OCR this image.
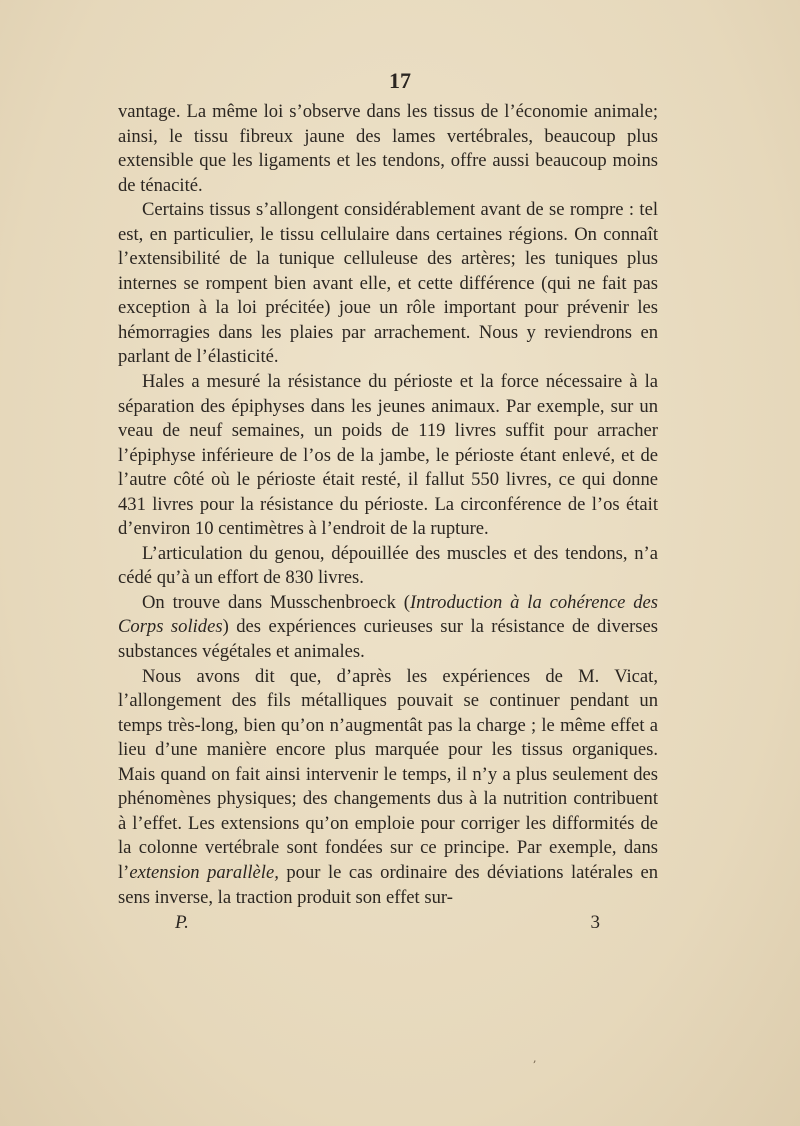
17

vantage. La même loi s’observe dans les tissus de l’économie animale; ainsi, le tissu fibreux jaune des lames vertébrales, beaucoup plus extensible que les ligaments et les tendons, offre aussi beaucoup moins de ténacité.

Certains tissus s’allongent considérablement avant de se rompre : tel est, en particulier, le tissu cellulaire dans certaines régions. On connaît l’extensibilité de la tunique celluleuse des artères; les tuniques plus internes se rompent bien avant elle, et cette différence (qui ne fait pas exception à la loi précitée) joue un rôle important pour prévenir les hémorragies dans les plaies par arrachement. Nous y reviendrons en parlant de l’élasticité.

Hales a mesuré la résistance du périoste et la force nécessaire à la séparation des épiphyses dans les jeunes animaux. Par exemple, sur un veau de neuf semaines, un poids de 119 livres suffit pour arracher l’épiphyse inférieure de l’os de la jambe, le périoste étant enlevé, et de l’autre côté où le périoste était resté, il fallut 550 livres, ce qui donne 431 livres pour la résistance du périoste. La circonférence de l’os était d’environ 10 centimètres à l’endroit de la rupture.

L’articulation du genou, dépouillée des muscles et des tendons, n’a cédé qu’à un effort de 830 livres.

On trouve dans Musschenbroeck (Introduction à la cohérence des Corps solides) des expériences curieuses sur la résistance de diverses substances végétales et animales.

Nous avons dit que, d’après les expériences de M. Vicat, l’allongement des fils métalliques pouvait se continuer pendant un temps très-long, bien qu’on n’augmentât pas la charge ; le même effet a lieu d’une manière encore plus marquée pour les tissus organiques. Mais quand on fait ainsi intervenir le temps, il n’y a plus seulement des phénomènes physiques; des changements dus à la nutrition contribuent à l’effet. Les extensions qu’on emploie pour corriger les difformités de la colonne vertébrale sont fondées sur ce principe. Par exemple, dans l’extension parallèle, pour le cas ordinaire des déviations latérales en sens inverse, la traction produit son effet sur-

P.	3
,
